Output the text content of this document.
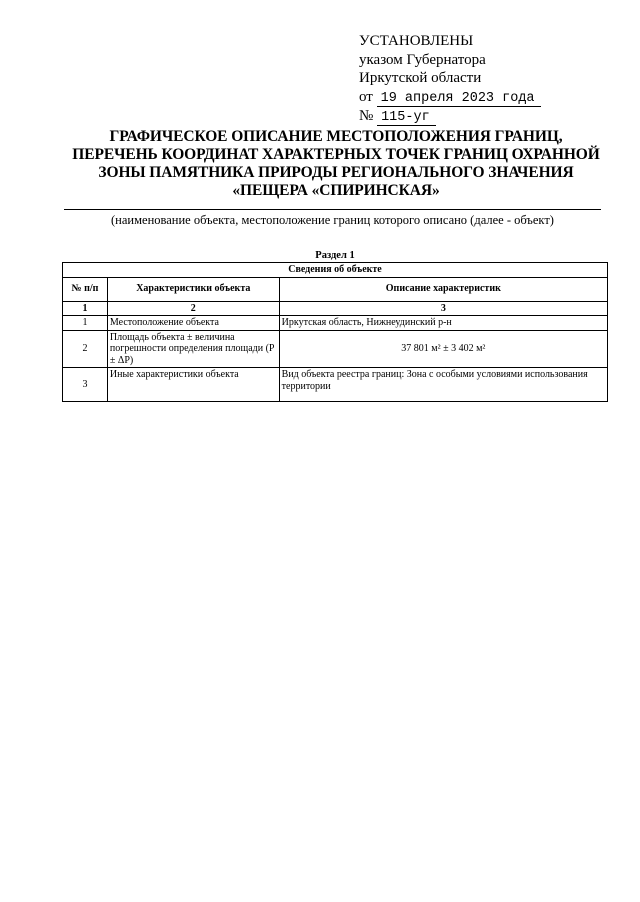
УСТАНОВЛЕНЫ
указом Губернатора
Иркутской области
от 19 апреля 2023 года
№ 115-уг
ГРАФИЧЕСКОЕ ОПИСАНИЕ МЕСТОПОЛОЖЕНИЯ ГРАНИЦ,
ПЕРЕЧЕНЬ КООРДИНАТ ХАРАКТЕРНЫХ ТОЧЕК ГРАНИЦ ОХРАННОЙ
ЗОНЫ ПАМЯТНИКА ПРИРОДЫ РЕГИОНАЛЬНОГО ЗНАЧЕНИЯ
«ПЕЩЕРА «СПИРИНСКАЯ»
(наименование объекта, местоположение границ которого описано (далее - объект)
Раздел 1
Сведения об объекте		
№ п/п	Характеристики объекта	Описание характеристик
1	2	3
1	Местоположение объекта	Иркутская область, Нижнеудинский р-н
2	Площадь объекта ± величина погрешности определения площади (P ± ΔP)	37 801 м² ± 3 402 м²
3	Иные характеристики объекта	Вид объекта реестра границ: Зона с особыми условиями использования территории
